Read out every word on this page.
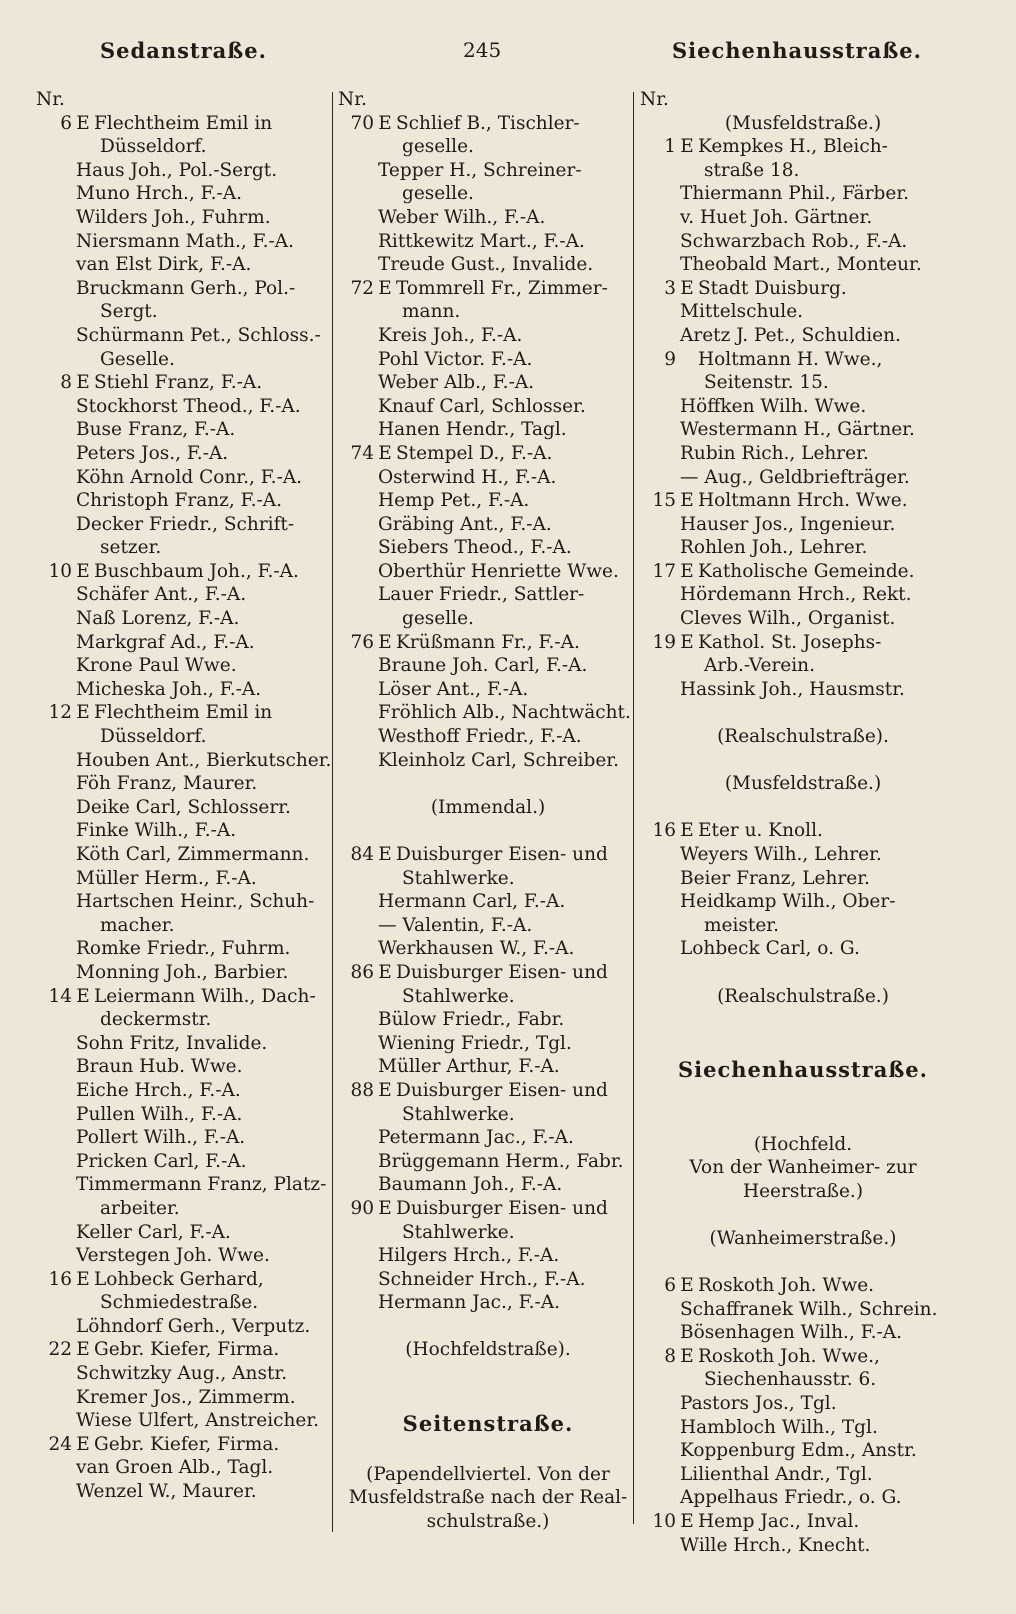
Sedanstraße.	245	Siechenhausstraße.
Nr.
6 E Flechtheim Emil in
Düsseldorf.
Haus Joh., Pol.-Sergt.
Muno Hrch., F.-A.
Wilders Joh., Fuhrm.
Niersmann Math., F.-A.
van Elst Dirk, F.-A.
Bruckmann Gerh., Pol.-
Sergt.
Schürmann Pet., Schloss.-
Geselle.
8 E Stiehl Franz, F.-A.
Stockhorst Theod., F.-A.
Buse Franz, F.-A.
Peters Jos., F.-A.
Köhn Arnold Conr., F.-A.
Christoph Franz, F.-A.
Decker Friedr., Schrift-
setzer.
10 E Buschbaum Joh., F.-A.
Schäfer Ant., F.-A.
Naß Lorenz, F.-A.
Markgraf Ad., F.-A.
Krone Paul Wwe.
Micheska Joh., F.-A.
12 E Flechtheim Emil in
Düsseldorf.
Houben Ant., Bierkutscher.
Föh Franz, Maurer.
Deike Carl, Schlosserr.
Finke Wilh., F.-A.
Köth Carl, Zimmermann.
Müller Herm., F.-A.
Hartschen Heinr., Schuh-
macher.
Romke Friedr., Fuhrm.
Monning Joh., Barbier.
14 E Leiermann Wilh., Dach-
deckermstr.
Sohn Fritz, Invalide.
Braun Hub. Wwe.
Eiche Hrch., F.-A.
Pullen Wilh., F.-A.
Pollert Wilh., F.-A.
Pricken Carl, F.-A.
Timmermann Franz, Platz-
arbeiter.
Keller Carl, F.-A.
Verstegen Joh. Wwe.
16 E Lohbeck Gerhard,
Schmiedestraße.
Löhndorf Gerh., Verputz.
22 E Gebr. Kiefer, Firma.
Schwitzky Aug., Anstr.
Kremer Jos., Zimmerm.
Wiese Ulfert, Anstreicher.
24 E Gebr. Kiefer, Firma.
van Groen Alb., Tagl.
Wenzel W., Maurer.
Nr.
70 E Schlief B., Tischler-
geselle.
Tepper H., Schreiner-
geselle.
Weber Wilh., F.-A.
Rittkewitz Mart., F.-A.
Treude Gust., Invalide.
72 E Tommrell Fr., Zimmer-
mann.
Kreis Joh., F.-A.
Pohl Victor. F.-A.
Weber Alb., F.-A.
Knauf Carl, Schlosser.
Hanen Hendr., Tagl.
74 E Stempel D., F.-A.
Osterwind H., F.-A.
Hemp Pet., F.-A.
Gräbing Ant., F.-A.
Siebers Theod., F.-A.
Oberthür Henriette Wwe.
Lauer Friedr., Sattler-
geselle.
76 E Krüßmann Fr., F.-A.
Braune Joh. Carl, F.-A.
Löser Ant., F.-A.
Fröhlich Alb., Nachtwächt.
Westhoff Friedr., F.-A.
Kleinholz Carl, Schreiber.
(Immendal.)
84 E Duisburger Eisen- und
Stahlwerke.
Hermann Carl, F.-A.
— Valentin, F.-A.
Werkhausen W., F.-A.
86 E Duisburger Eisen- und
Stahlwerke.
Bülow Friedr., Fabr.
Wiening Friedr., Tgl.
Müller Arthur, F.-A.
88 E Duisburger Eisen- und
Stahlwerke.
Petermann Jac., F.-A.
Brüggemann Herm., Fabr.
Baumann Joh., F.-A.
90 E Duisburger Eisen- und
Stahlwerke.
Hilgers Hrch., F.-A.
Schneider Hrch., F.-A.
Hermann Jac., F.-A.
(Hochfeldstraße).
Seitenstraße.
(Papendellviertel. Von der
Musfeldstraße nach der Real-
schulstraße.)
Nr.
(Musfeldstraße.)
1 E Kempkes H., Bleich-
straße 18.
Thiermann Phil., Färber.
v. Huet Joh. Gärtner.
Schwarzbach Rob., F.-A.
Theobald Mart., Monteur.
3 E Stadt Duisburg.
Mittelschule.
Aretz J. Pet., Schuldien.
9 Holtmann H. Wwe.,
Seitenstr. 15.
Höffken Wilh. Wwe.
Westermann H., Gärtner.
Rubin Rich., Lehrer.
— Aug., Geldbriefträger.
15 E Holtmann Hrch. Wwe.
Hauser Jos., Ingenieur.
Rohlen Joh., Lehrer.
17 E Katholische Gemeinde.
Hördemann Hrch., Rekt.
Cleves Wilh., Organist.
19 E Kathol. St. Josephs-
Arb.-Verein.
Hassink Joh., Hausmstr.
(Realschulstraße).
(Musfeldstraße.)
16 E Eter u. Knoll.
Weyers Wilh., Lehrer.
Beier Franz, Lehrer.
Heidkamp Wilh., Ober-
meister.
Lohbeck Carl, o. G.
(Realschulstraße.)
Siechenhausstraße.
(Hochfeld.
Von der Wanheimer- zur
Heerstraße.)
(Wanheimerstraße.)
6 E Roskoth Joh. Wwe.
Schaffranek Wilh., Schrein.
Bösenhagen Wilh., F.-A.
8 E Roskoth Joh. Wwe.,
Siechenhausstr. 6.
Pastors Jos., Tgl.
Hambloch Wilh., Tgl.
Koppenburg Edm., Anstr.
Lilienthal Andr., Tgl.
Appelhaus Friedr., o. G.
10 E Hemp Jac., Inval.
Wille Hrch., Knecht.
